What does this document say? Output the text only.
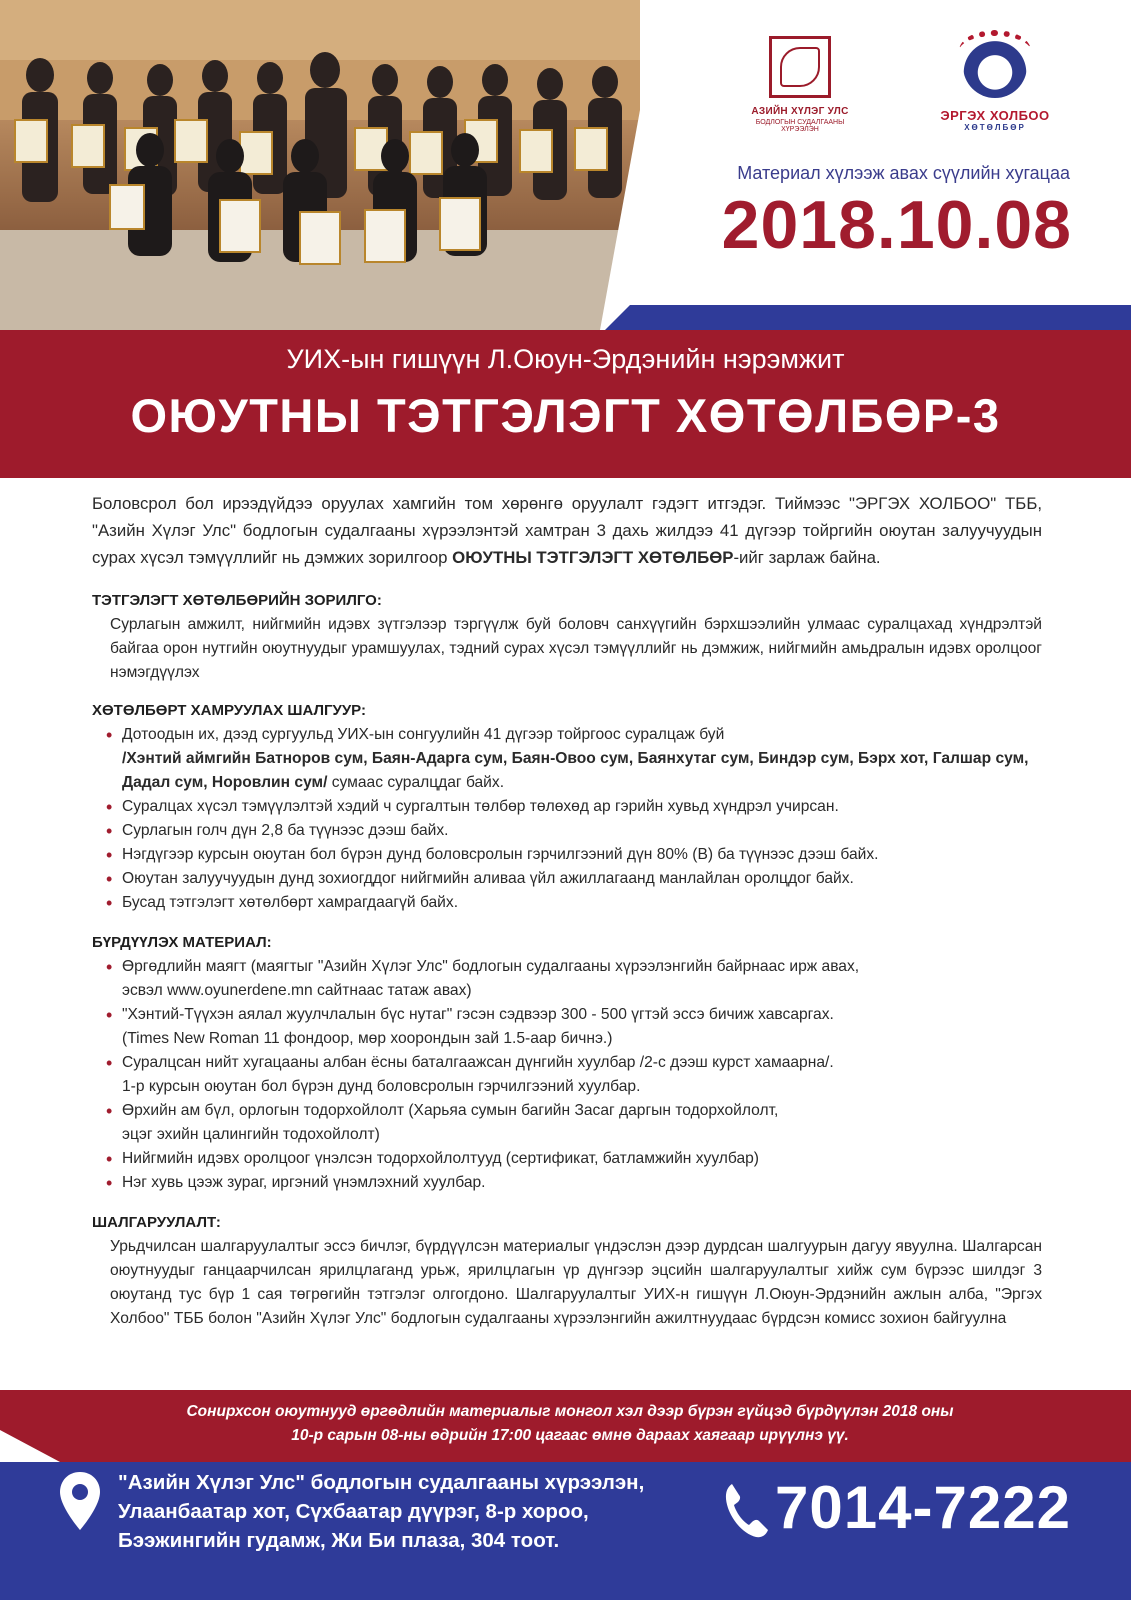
АЗИЙН ХҮЛЭГ УЛС
БОДЛОГЫН СУДАЛГААНЫ ХҮРЭЭЛЭН
ЭРГЭХ ХОЛБОО
ХӨТӨЛБӨР
Материал хүлээж авах сүүлийн хугацаа
2018.10.08
УИХ-ын гишүүн Л.Оюун-Эрдэнийн нэрэмжит
ОЮУТНЫ ТЭТГЭЛЭГТ ХӨТӨЛБӨР-3

Боловсрол бол ирээдүйдээ оруулах хамгийн том хөрөнгө оруулалт гэдэгт итгэдэг. Тиймээс "ЭРГЭХ ХОЛБОО" ТББ, "Азийн Хүлэг Улс" бодлогын судалгааны хүрээлэнтэй хамтран 3 дахь жилдээ 41 дүгээр тойргийн оюутан залуучуудын сурах хүсэл тэмүүллийг нь дэмжих зорилгоор ОЮУТНЫ ТЭТГЭЛЭГТ ХӨТӨЛБӨР-ийг зарлаж байна.

ТЭТГЭЛЭГТ ХӨТӨЛБӨРИЙН ЗОРИЛГО:
Сурлагын амжилт, нийгмийн идэвх зүтгэлээр тэргүүлж буй боловч санхүүгийн бэрхшээлийн улмаас суралцахад хүндрэлтэй байгаа орон нутгийн оюутнуудыг урамшуулах, тэдний сурах хүсэл тэмүүллийг нь дэмжиж, нийгмийн амьдралын идэвх оролцоог нэмэгдүүлэх
ХӨТӨЛБӨРТ ХАМРУУЛАХ ШАЛГУУР:
• Дотоодын их, дээд сургуульд УИХ-ын сонгуулийн 41 дүгээр тойргоос суралцаж буй
/Хэнтий аймгийн Батноров сум, Баян-Адарга сум, Баян-Овоо сум, Баянхутаг сум, Биндэр сум, Бэрх хот, Галшар сум, Дадал сум, Норовлин сум/ сумаас суралцдаг байх.
• Суралцах хүсэл тэмүүлэлтэй хэдий ч сургалтын төлбөр төлөхөд ар гэрийн хувьд хүндрэл учирсан.
• Сурлагын голч дүн 2,8 ба түүнээс дээш байх.
• Нэгдүгээр курсын оюутан бол бүрэн дунд боловсролын гэрчилгээний дүн 80% (В) ба түүнээс дээш байх.
• Оюутан залуучуудын дунд зохиогддог нийгмийн аливаа үйл ажиллагаанд манлайлан оролцдог байх.
• Бусад тэтгэлэгт хөтөлбөрт хамрагдаагүй байх.
БҮРДҮҮЛЭХ МАТЕРИАЛ:
• Өргөдлийн маягт (маягтыг "Азийн Хүлэг Улс" бодлогын судалгааны хүрээлэнгийн байрнаас ирж авах,
эсвэл www.oyunerdene.mn сайтнаас татаж авах)
• "Хэнтий-Түүхэн аялал жуулчлалын бүс нутаг" гэсэн сэдвээр 300 - 500 үгтэй эссэ бичиж хавсаргах.
(Times New Roman 11 фондоор, мөр хоорондын зай 1.5-аар бичнэ.)
• Суралцсан нийт хугацааны албан ёсны баталгаажсан дүнгийн хуулбар /2-с дээш курст хамаарна/.
1-р курсын оюутан бол бүрэн дунд боловсролын гэрчилгээний хуулбар.
• Өрхийн ам бүл, орлогын тодорхойлолт (Харьяа сумын багийн Засаг даргын тодорхойлолт,
эцэг эхийн цалингийн тодохойлолт)
• Нийгмийн идэвх оролцоог үнэлсэн тодорхойлолтууд (сертификат, батламжийн хуулбар)
• Нэг хувь цээж зураг, иргэний үнэмлэхний хуулбар.
ШАЛГАРУУЛАЛТ:
Урьдчилсан шалгаруулалтыг эссэ бичлэг, бүрдүүлсэн материалыг үндэслэн дээр дурдсан шалгуурын дагуу явуулна. Шалгарсан оюутнуудыг ганцаарчилсан ярилцлаганд урьж, ярилцлагын үр дүнгээр эцсийн шалгаруулалтыг хийж сум бүрээс шилдэг 3 оюутанд тус бүр 1 сая төгрөгийн тэтгэлэг олгогдоно. Шалгаруулалтыг УИХ-н гишүүн Л.Оюун-Эрдэнийн ажлын алба, "Эргэх Холбоо" ТББ болон "Азийн Хүлэг Улс" бодлогын судалгааны хүрээлэнгийн ажилтнуудаас бүрдсэн комисс зохион байгуулна
Сонирхсон оюутнууд өргөдлийн материалыг монгол хэл дээр бүрэн гүйцэд бүрдүүлэн 2018 оны
10-р сарын 08-ны өдрийн 17:00 цагаас өмнө дараах хаягаар ирүүлнэ үү.
"Азийн Хүлэг Улс" бодлогын судалгааны хүрээлэн,
Улаанбаатар хот, Сүхбаатар дүүрэг, 8-р хороо,
Бээжингийн гудамж, Жи Би плаза, 304 тоот.	7014-7222
